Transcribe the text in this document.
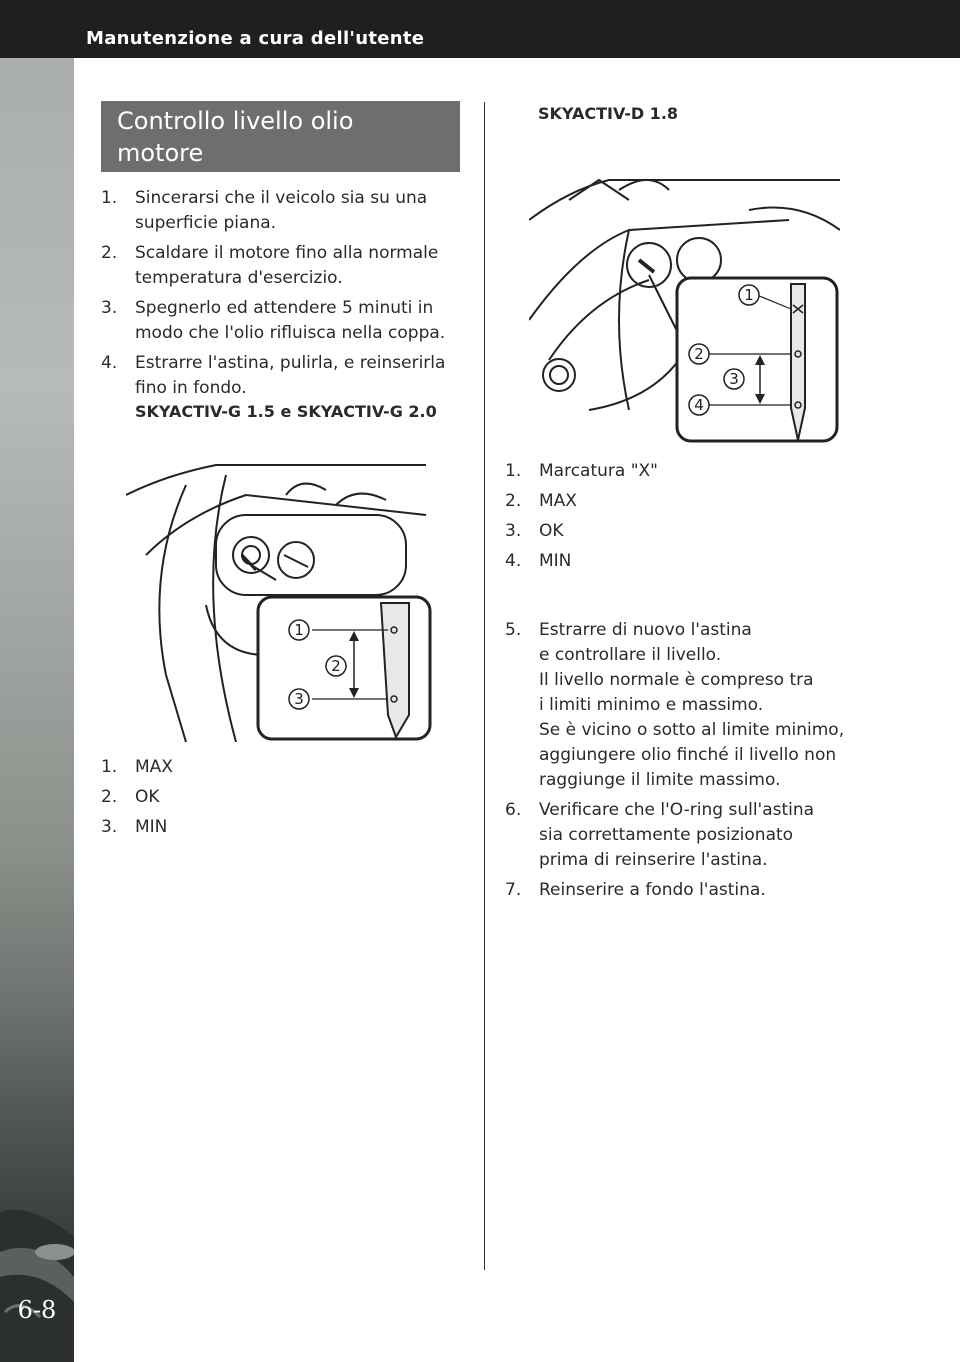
Manutenzione a cura dell'utente
6-8
Controllo livello olio
motore
1. Sincerarsi che il veicolo sia su una
superficie piana.
2. Scaldare il motore fino alla normale
temperatura d'esercizio.
3. Spegnerlo ed attendere 5 minuti in
modo che l'olio rifluisca nella coppa.
4. Estrarre l'astina, pulirla, e reinserirla
fino in fondo.
SKYACTIV-G 1.5 e SKYACTIV-G 2.0
1
2
3
1. MAX
2. OK
3. MIN
SKYACTIV-D 1.8
1
2
3
4
1. Marcatura "X"
2. MAX
3. OK
4. MIN
5. Estrarre di nuovo l'astina
e controllare il livello.
Il livello normale è compreso tra
i limiti minimo e massimo.
Se è vicino o sotto al limite minimo,
aggiungere olio finché il livello non
raggiunge il limite massimo.
6. Verificare che l'O-ring sull'astina
sia correttamente posizionato
prima di reinserire l'astina.
7. Reinserire a fondo l'astina.
